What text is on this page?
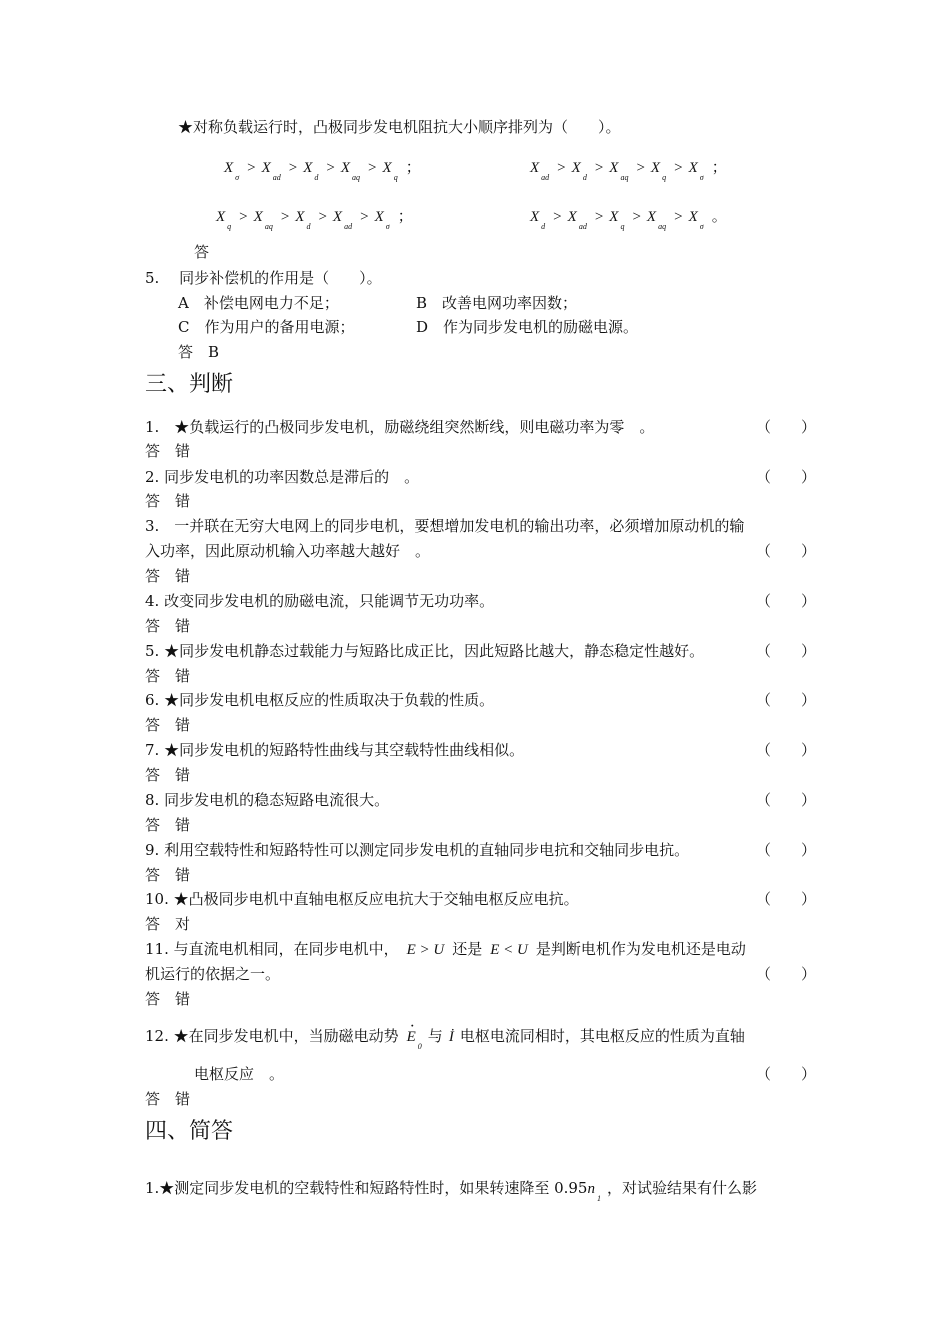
★对称负载运行时，凸极同步发电机阻抗大小顺序排列为（　　）。
$X_\sigma> X_{ad}> X_d> X_{aq}> X_q$；	$X_{ad}> X_d> X_{aq}> X_q> X_\sigma$；
$X_q> X_{aq}> X_d> X_{ad}> X_\sigma$；	$X_d> X_{ad}> X_q> X_{aq}> X_\sigma$。
答
5.　 同步补偿机的作用是（　　）。
A　补偿电网电力不足；	B　改善电网功率因数；
C　作为用户的备用电源；	D　作为同步发电机的励磁电源。
答　B
三、判断
1.　★负载运行的凸极同步发电机，励磁绕组突然断线，则电磁功率为零　。	（　　）
答　错
2. 同步发电机的功率因数总是滞后的　。	（　　）
答　错
3.　一并联在无穷大电网上的同步电机，要想增加发电机的输出功率，必须增加原动机的输
入功率，因此原动机输入功率越大越好　。	（　　）
答　错
4. 改变同步发电机的励磁电流，只能调节无功功率。	（　　）
答　错
5. ★同步发电机静态过载能力与短路比成正比，因此短路比越大，静态稳定性越好。	（　　）
答　错
6. ★同步发电机电枢反应的性质取决于负载的性质。	（　　）
答　错
7. ★同步发电机的短路特性曲线与其空载特性曲线相似。	（　　）
答　错
8. 同步发电机的稳态短路电流很大。	（　　）
答　错
9. 利用空载特性和短路特性可以测定同步发电机的直轴同步电抗和交轴同步电抗。	（　　）
答　错
10. ★凸极同步电机中直轴电枢反应电抗大于交轴电枢反应电抗。	（　　）
答　对
11. 与直流电机相同，在同步电机中， E > U 还是 E < U 是判断电机作为发电机还是电动
机运行的依据之一。	（　　）
答　错
12. ★在同步发电机中，当励磁电动势· $E_0$与 İ 电枢电流同相时，其电枢反应的性质为直轴
电枢反应　。	（　　）
答　错
四、简答
1.★测定同步发电机的空载特性和短路特性时，如果转速降至 $0.95n_1$，对试验结果有什么影
